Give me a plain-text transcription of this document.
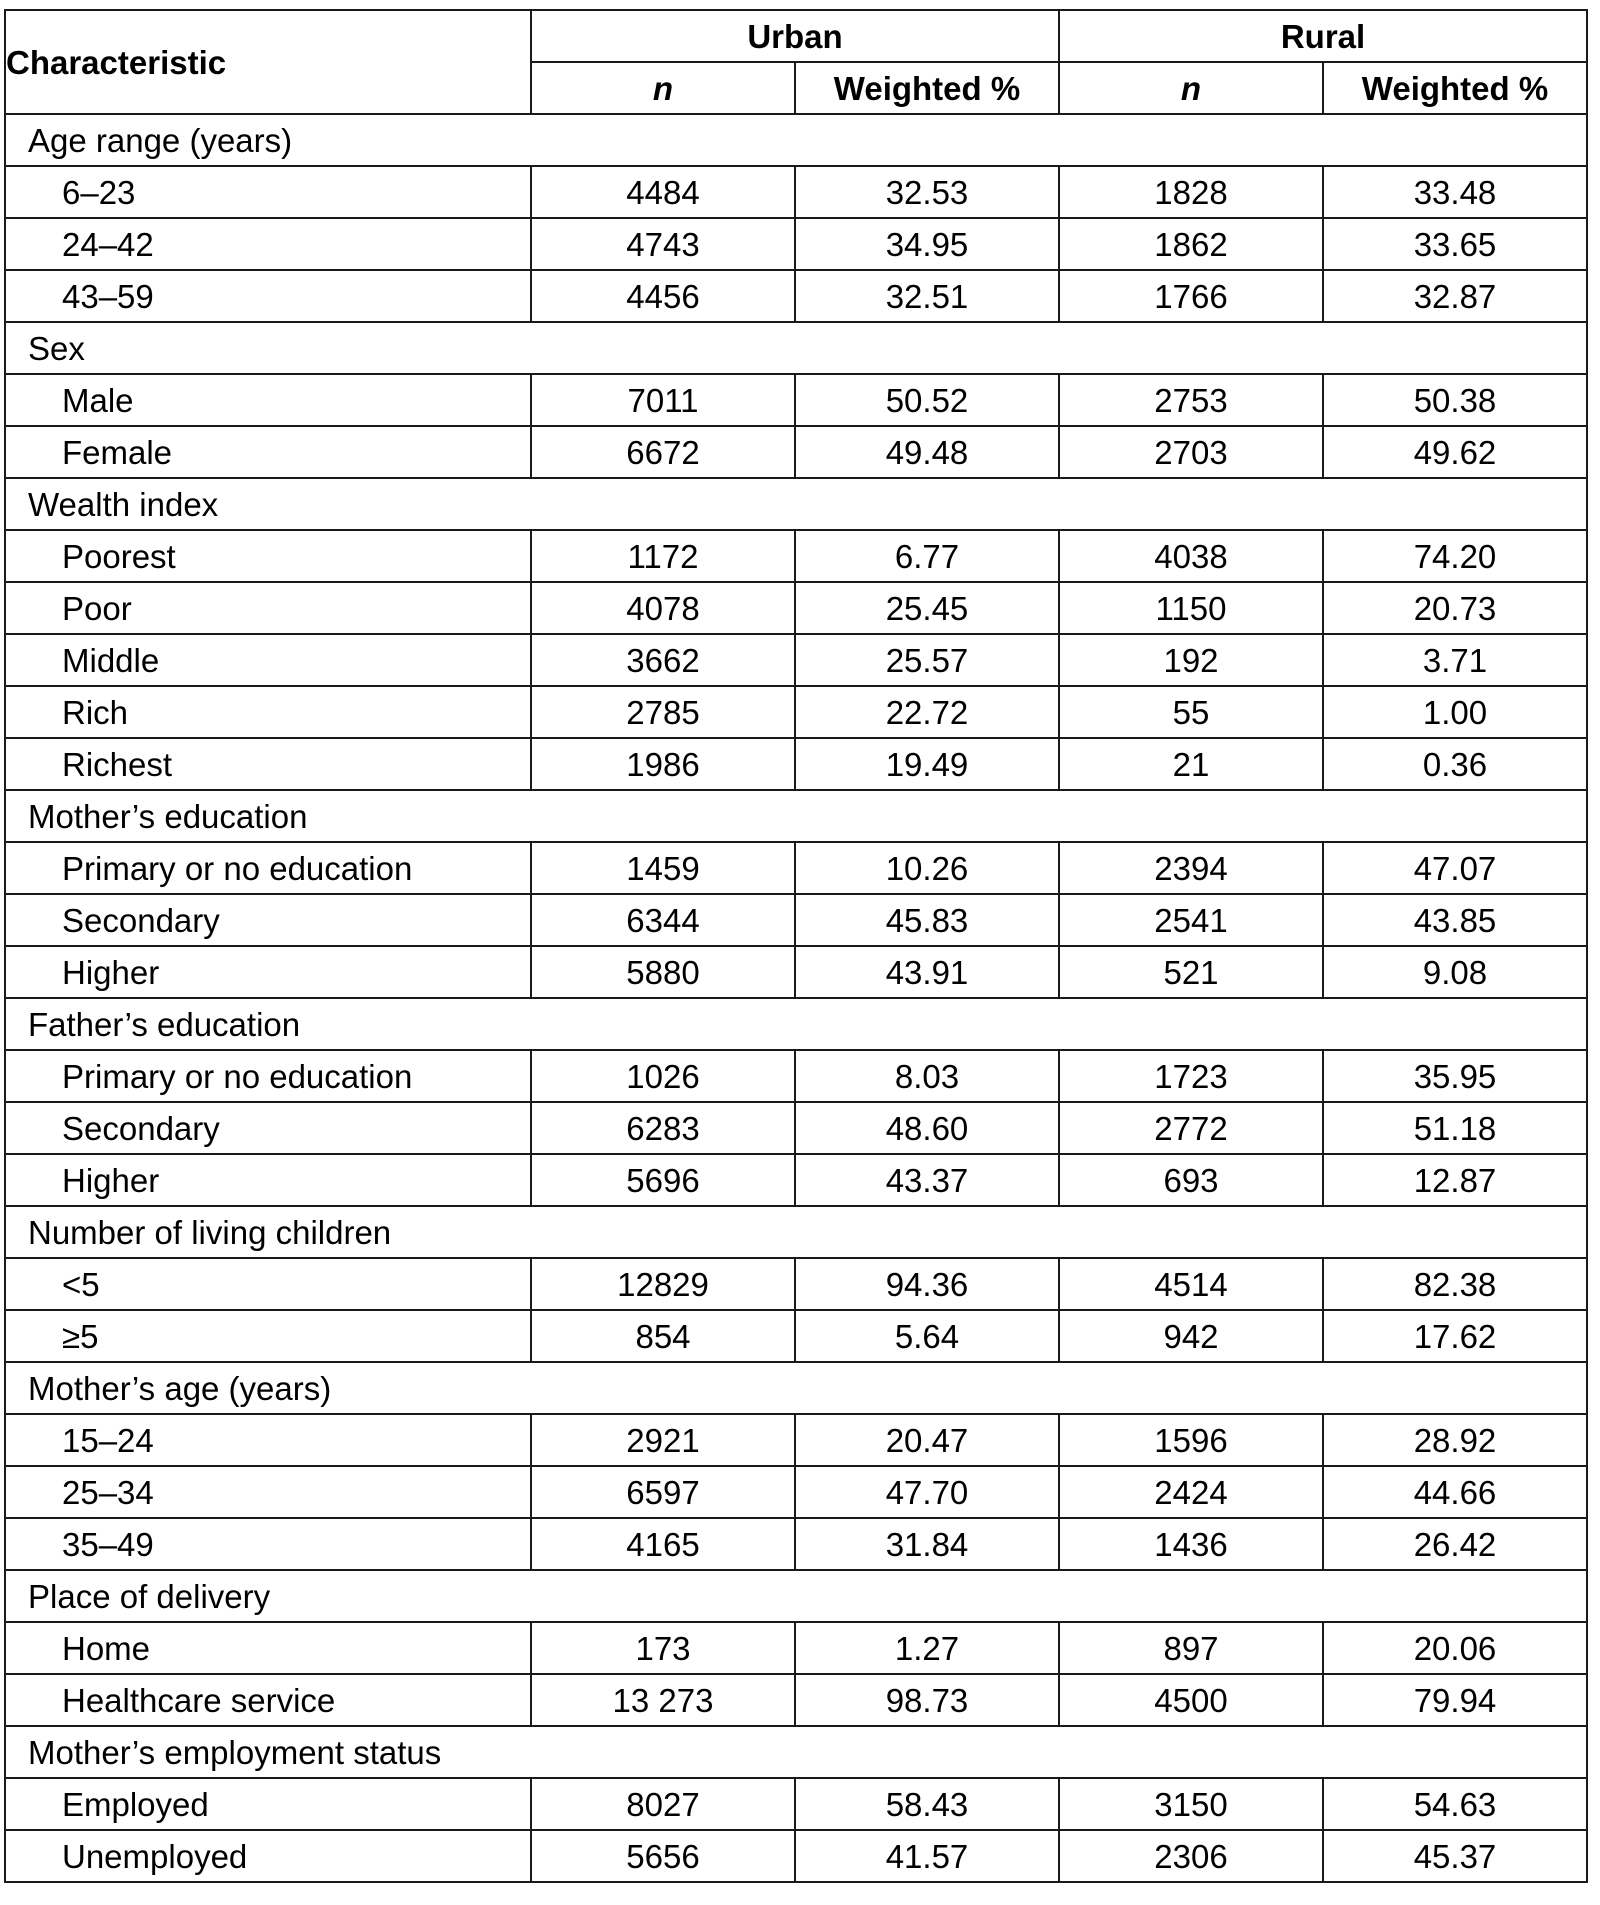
Characteristic	Urban		Rural	
	n	Weighted %	n	Weighted %
Age range (years)				
6–23	4484	32.53	1828	33.48
24–42	4743	34.95	1862	33.65
43–59	4456	32.51	1766	32.87
Sex				
Male	7011	50.52	2753	50.38
Female	6672	49.48	2703	49.62
Wealth index				
Poorest	1172	6.77	4038	74.20
Poor	4078	25.45	1150	20.73
Middle	3662	25.57	192	3.71
Rich	2785	22.72	55	1.00
Richest	1986	19.49	21	0.36
Mother’s education				
Primary or no education	1459	10.26	2394	47.07
Secondary	6344	45.83	2541	43.85
Higher	5880	43.91	521	9.08
Father’s education				
Primary or no education	1026	8.03	1723	35.95
Secondary	6283	48.60	2772	51.18
Higher	5696	43.37	693	12.87
Number of living children				
<5	12829	94.36	4514	82.38
≥5	854	5.64	942	17.62
Mother’s age (years)				
15–24	2921	20.47	1596	28.92
25–34	6597	47.70	2424	44.66
35–49	4165	31.84	1436	26.42
Place of delivery				
Home	173	1.27	897	20.06
Healthcare service	13 273	98.73	4500	79.94
Mother’s employment status				
Employed	8027	58.43	3150	54.63
Unemployed	5656	41.57	2306	45.37
